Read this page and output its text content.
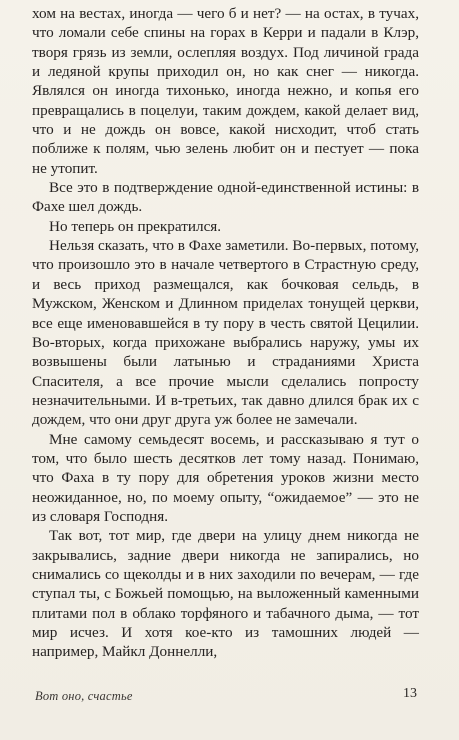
хом на вестах, иногда — чего б и нет? — на остах, в тучах, что ломали себе спины на горах в Керри и падали в Клэр, творя грязь из земли, ослепляя воздух. Под личиной града и ледяной крупы приходил он, но как снег — никогда. Являлся он иногда тихонько, иногда нежно, и копья его превращались в поцелуи, таким дождем, какой делает вид, что и не дождь он вовсе, какой нисходит, чтоб стать поближе к полям, чью зелень любит он и пестует — пока не утопит.

Все это в подтверждение одной-единственной истины: в Фахе шел дождь.

Но теперь он прекратился.

Нельзя сказать, что в Фахе заметили. Во-первых, потому, что произошло это в начале четвертого в Страстную среду, и весь приход размещался, как бочковая сельдь, в Мужском, Женском и Длинном приделах тонущей церкви, все еще именовавшейся в ту пору в честь святой Цецилии. Во-вторых, когда прихожане выбрались наружу, умы их возвышены были латынью и страданиями Христа Спасителя, а все прочие мысли сделались попросту незначительными. И в-третьих, так давно длился брак их с дождем, что они друг друга уж более не замечали.

Мне самому семьдесят восемь, и рассказываю я тут о том, что было шесть десятков лет тому назад. Понимаю, что Фаха в ту пору для обретения уроков жизни место неожиданное, но, по моему опыту, “ожидаемое” — это не из словаря Господня.

Так вот, тот мир, где двери на улицу днем никогда не закрывались, задние двери никогда не запирались, но снимались со щеколды и в них заходили по вечерам, — где ступал ты, с Божьей помощью, на выложенный каменными плитами пол в облако торфяного и табачного дыма, — тот мир исчез. И хотя кое-кто из тамошних людей — например, Майкл Доннелли,

Вот оно, счастье	13
